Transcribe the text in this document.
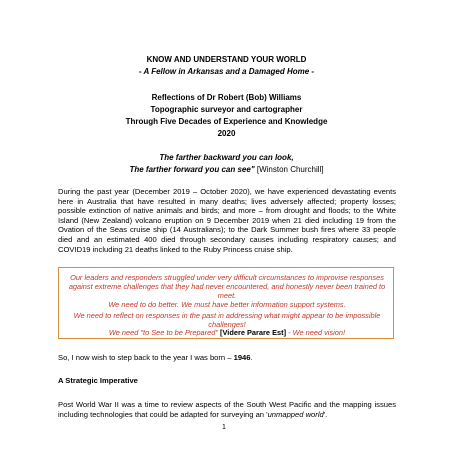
KNOW AND UNDERSTAND YOUR WORLD
- A Fellow in Arkansas and a Damaged Home -
Reflections of Dr Robert (Bob) Williams
Topographic surveyor and cartographer
Through Five Decades of Experience and Knowledge
2020
The farther backward you can look,
The farther forward you can see" [Winston Churchill]
During the past year (December 2019 – October 2020), we have experienced devastating events here in Australia that have resulted in many deaths; lives adversely affected; property losses; possible extinction of native animals and birds; and more – from drought and floods; to the White Island (New Zealand) volcano eruption on 9 December 2019 when 21 died including 19 from the Ovation of the Seas cruise ship (14 Australians); to the Dark Summer bush fires where 33 people died and an estimated 400 died through secondary causes including respiratory causes; and COVID19 including 21 deaths linked to the Ruby Princess cruise ship.
Our leaders and responders struggled under very difficult circumstances to improvise responses against extreme challenges that they had never encountered, and honestly never been trained to meet.
We need to do better. We must have better information support systems.
We need to reflect on responses in the past in addressing what might appear to be impossible challenges!
We need "to See to be Prepared" [Videre Parare Est] - We need vision!
So, I now wish to step back to the year I was born – 1946.
A Strategic Imperative
Post World War II was a time to review aspects of the South West Pacific and the mapping issues including technologies that could be adapted for surveying an 'unmapped world'.
1
